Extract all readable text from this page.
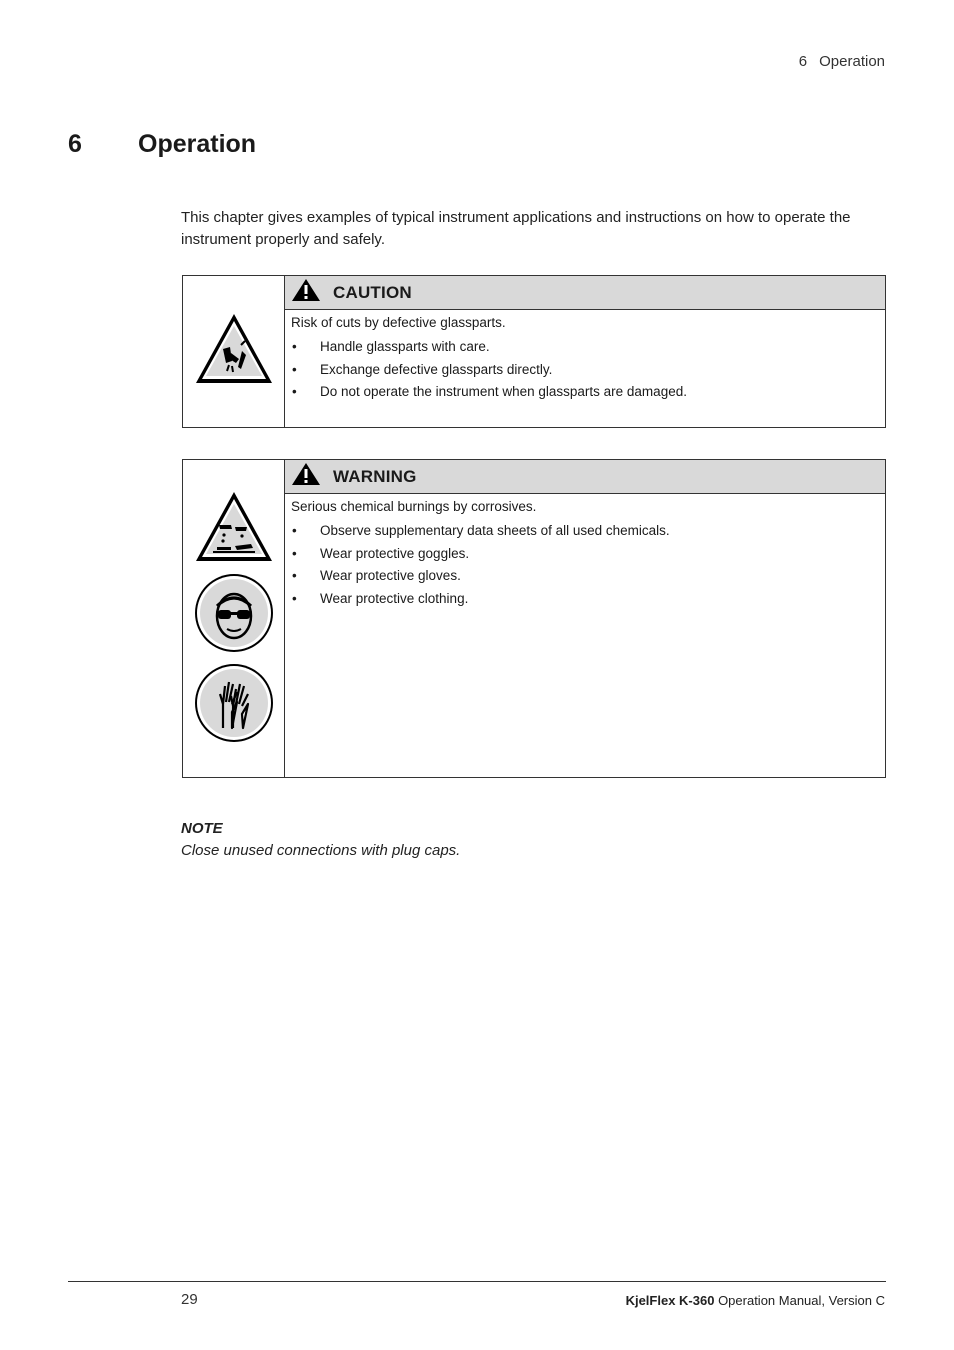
6 Operation
6 Operation

This chapter gives examples of typical instrument applications and instructions on how to operate the instrument properly and safely.

CAUTION

Risk of cuts by defective glassparts.

• Handle glassparts with care.
• Exchange defective glassparts directly.
• Do not operate the instrument when glassparts are damaged.
WARNING

Serious chemical burnings by corrosives.

• Observe supplementary data sheets of all used chemicals.
• Wear protective goggles.
• Wear protective gloves.
• Wear protective clothing.
NOTE
Close unused connections with plug caps.
29	KjelFlex K-360 Operation Manual, Version C
